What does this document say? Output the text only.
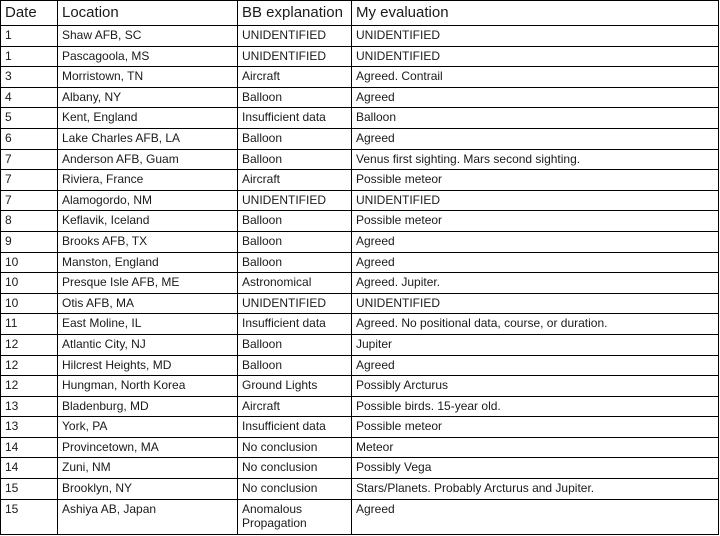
Date	Location	BB explanation	My evaluation
1	Shaw AFB, SC	UNIDENTIFIED	UNIDENTIFIED
1	Pascagoola, MS	UNIDENTIFIED	UNIDENTIFIED
3	Morristown, TN	Aircraft	Agreed. Contrail
4	Albany, NY	Balloon	Agreed
5	Kent, England	Insufficient data	Balloon
6	Lake Charles AFB, LA	Balloon	Agreed
7	Anderson AFB, Guam	Balloon	Venus first sighting. Mars second sighting.
7	Riviera, France	Aircraft	Possible meteor
7	Alamogordo, NM	UNIDENTIFIED	UNIDENTIFIED
8	Keflavik, Iceland	Balloon	Possible meteor
9	Brooks AFB, TX	Balloon	Agreed
10	Manston, England	Balloon	Agreed
10	Presque Isle AFB, ME	Astronomical	Agreed. Jupiter.
10	Otis AFB, MA	UNIDENTIFIED	UNIDENTIFIED
11	East Moline, IL	Insufficient data	Agreed. No positional data, course, or duration.
12	Atlantic City, NJ	Balloon	Jupiter
12	Hilcrest Heights, MD	Balloon	Agreed
12	Hungman, North Korea	Ground Lights	Possibly Arcturus
13	Bladenburg, MD	Aircraft	Possible birds. 15-year old.
13	York, PA	Insufficient data	Possible meteor
14	Provincetown, MA	No conclusion	Meteor
14	Zuni, NM	No conclusion	Possibly Vega
15	Brooklyn, NY	No conclusion	Stars/Planets. Probably Arcturus and Jupiter.
15	Ashiya AB, Japan	Anomalous Propagation	Agreed
